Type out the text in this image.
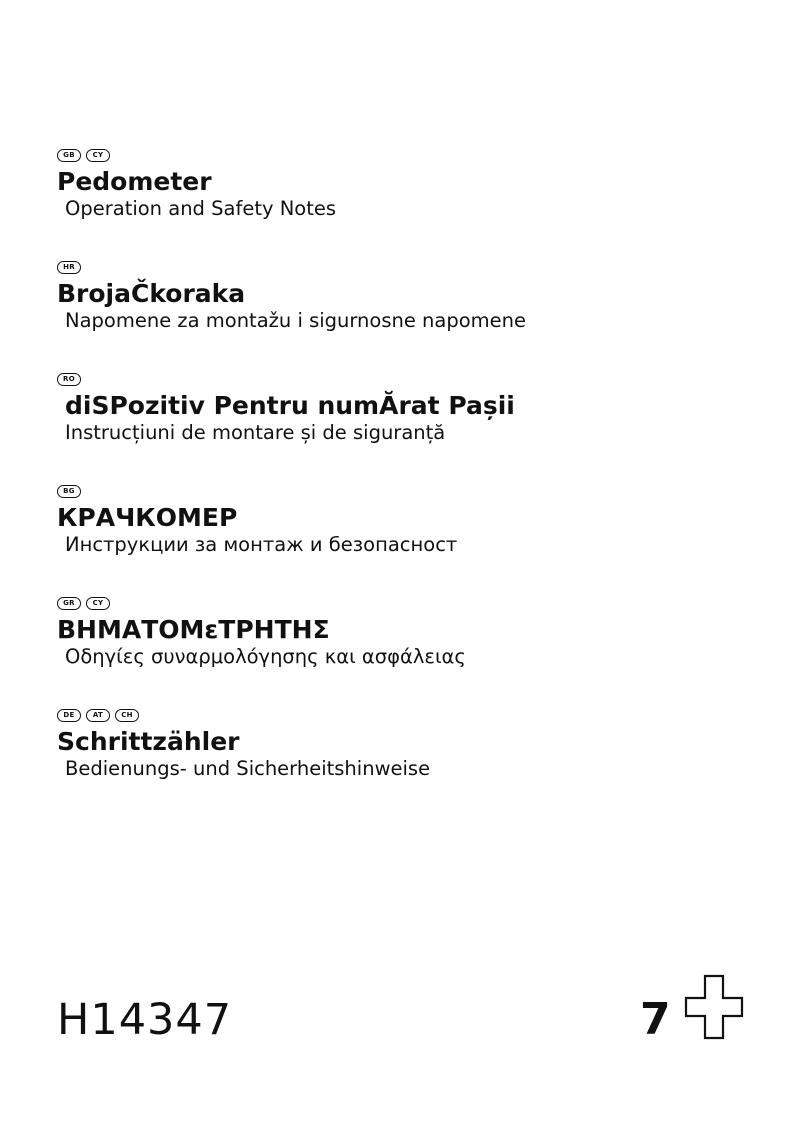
GB	CY
Pedometer

Operation and Safety Notes

HR
BrojaČkoraka

Napomene za montažu i sigurnosne napomene

RO
diSPozitiv Pentru numĂrat Pașii

Instrucțiuni de montare și de siguranță

BG
КРАЧКОМЕР

Инструкции за монтаж и безопасност

GR	CY
ΒΗΜΑΤΟΜεΤΡΗΤΗΣ

Οδηγίες συναρμολόγησης και ασφάλειας

DE	AT	CH
Schrittzähler

Bedienungs- und Sicherheitshinweise

H14347	7
